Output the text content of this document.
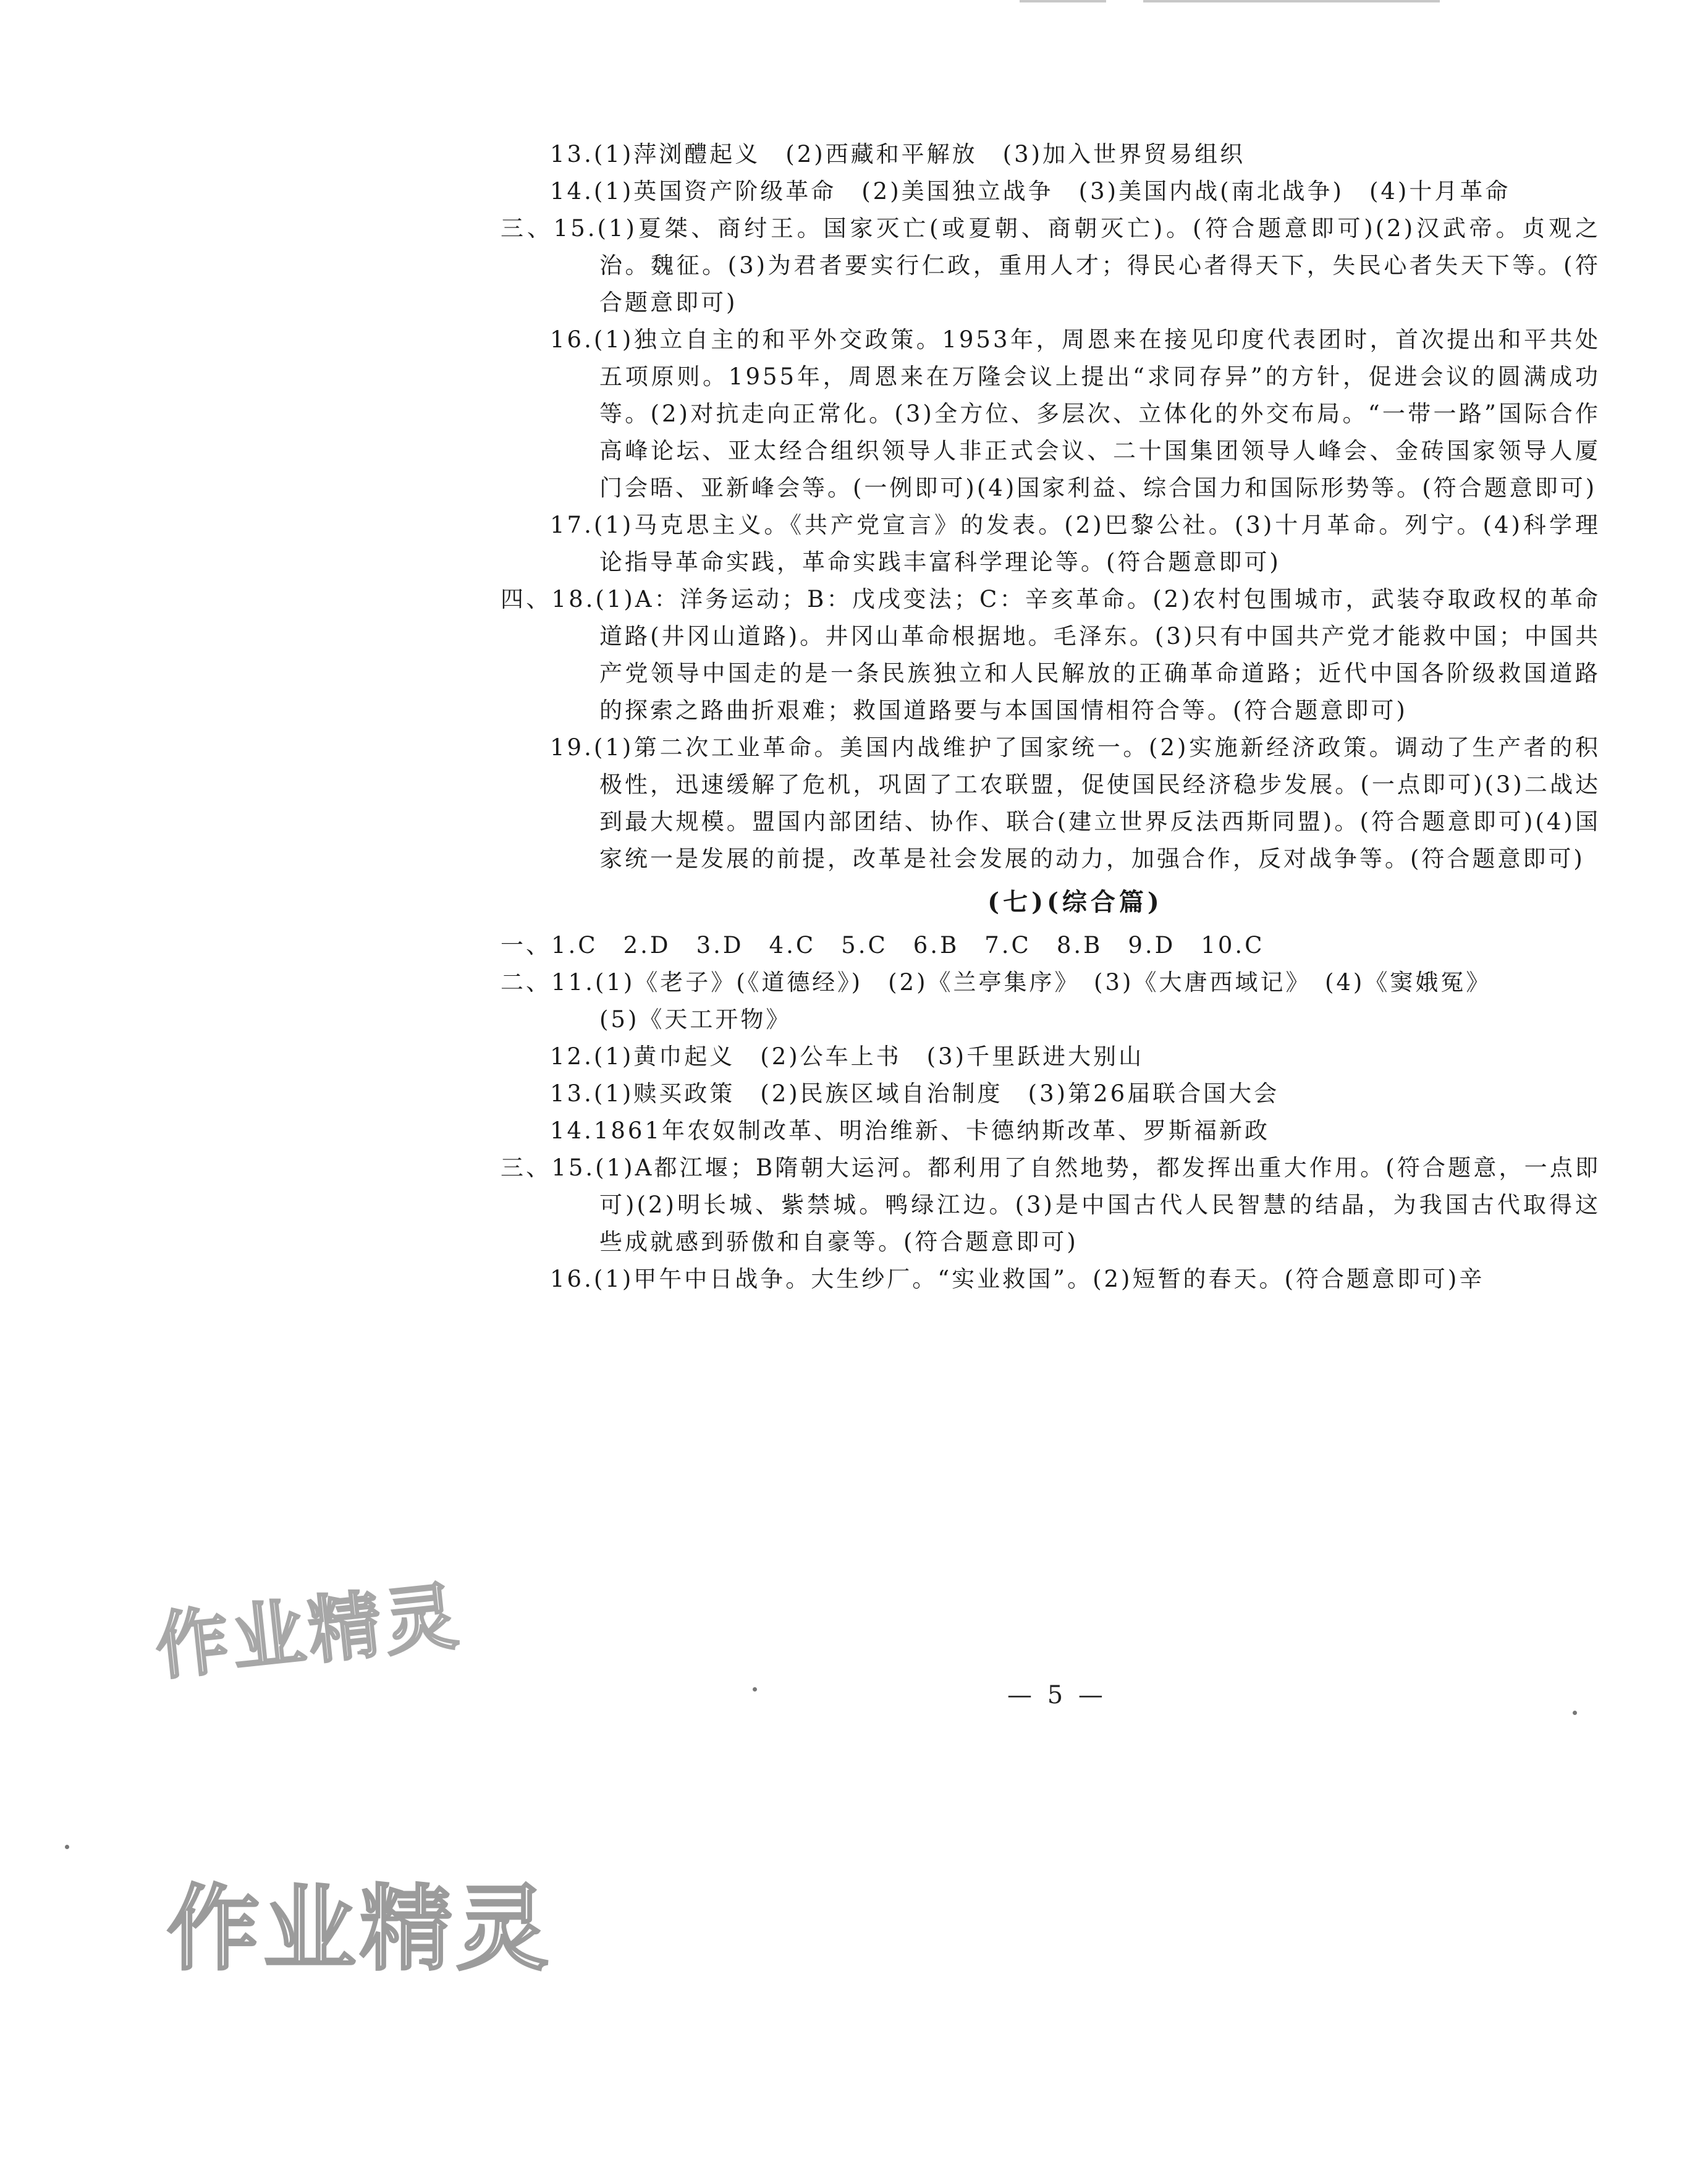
13.(1)萍浏醴起义　(2)西藏和平解放　(3)加入世界贸易组织

14.(1)英国资产阶级革命　(2)美国独立战争　(3)美国内战(南北战争)　(4)十月革命

三、15.(1)夏桀、商纣王。国家灭亡(或夏朝、商朝灭亡)。(符合题意即可)(2)汉武帝。贞观之治。魏征。(3)为君者要实行仁政，重用人才；得民心者得天下，失民心者失天下等。(符合题意即可)

16.(1)独立自主的和平外交政策。1953年，周恩来在接见印度代表团时，首次提出和平共处五项原则。1955年，周恩来在万隆会议上提出“求同存异”的方针，促进会议的圆满成功等。(2)对抗走向正常化。(3)全方位、多层次、立体化的外交布局。“一带一路”国际合作高峰论坛、亚太经合组织领导人非正式会议、二十国集团领导人峰会、金砖国家领导人厦门会晤、亚新峰会等。(一例即可)(4)国家利益、综合国力和国际形势等。(符合题意即可)

17.(1)马克思主义。《共产党宣言》的发表。(2)巴黎公社。(3)十月革命。列宁。(4)科学理论指导革命实践，革命实践丰富科学理论等。(符合题意即可)

四、18.(1)A：洋务运动；B：戊戌变法；C：辛亥革命。(2)农村包围城市，武装夺取政权的革命道路(井冈山道路)。井冈山革命根据地。毛泽东。(3)只有中国共产党才能救中国；中国共产党领导中国走的是一条民族独立和人民解放的正确革命道路；近代中国各阶级救国道路的探索之路曲折艰难；救国道路要与本国国情相符合等。(符合题意即可)

19.(1)第二次工业革命。美国内战维护了国家统一。(2)实施新经济政策。调动了生产者的积极性，迅速缓解了危机，巩固了工农联盟，促使国民经济稳步发展。(一点即可)(3)二战达到最大规模。盟国内部团结、协作、联合(建立世界反法西斯同盟)。(符合题意即可)(4)国家统一是发展的前提，改革是社会发展的动力，加强合作，反对战争等。(符合题意即可)

(七)(综合篇)

一、1.C　2.D　3.D　4.C　5.C　6.B　7.C　8.B　9.D　10.C

二、11.(1)《老子》(《道德经》)　(2)《兰亭集序》　(3)《大唐西域记》　(4)《窦娥冤》

(5)《天工开物》

12.(1)黄巾起义　(2)公车上书　(3)千里跃进大别山

13.(1)赎买政策　(2)民族区域自治制度　(3)第26届联合国大会

14.1861年农奴制改革、明治维新、卡德纳斯改革、罗斯福新政

三、15.(1)A都江堰；B隋朝大运河。都利用了自然地势，都发挥出重大作用。(符合题意，一点即可)(2)明长城、紫禁城。鸭绿江边。(3)是中国古代人民智慧的结晶，为我国古代取得这些成就感到骄傲和自豪等。(符合题意即可)

16.(1)甲午中日战争。大生纱厂。“实业救国”。(2)短暂的春天。(符合题意即可)辛

— 5 —
作业精灵
作业精灵
